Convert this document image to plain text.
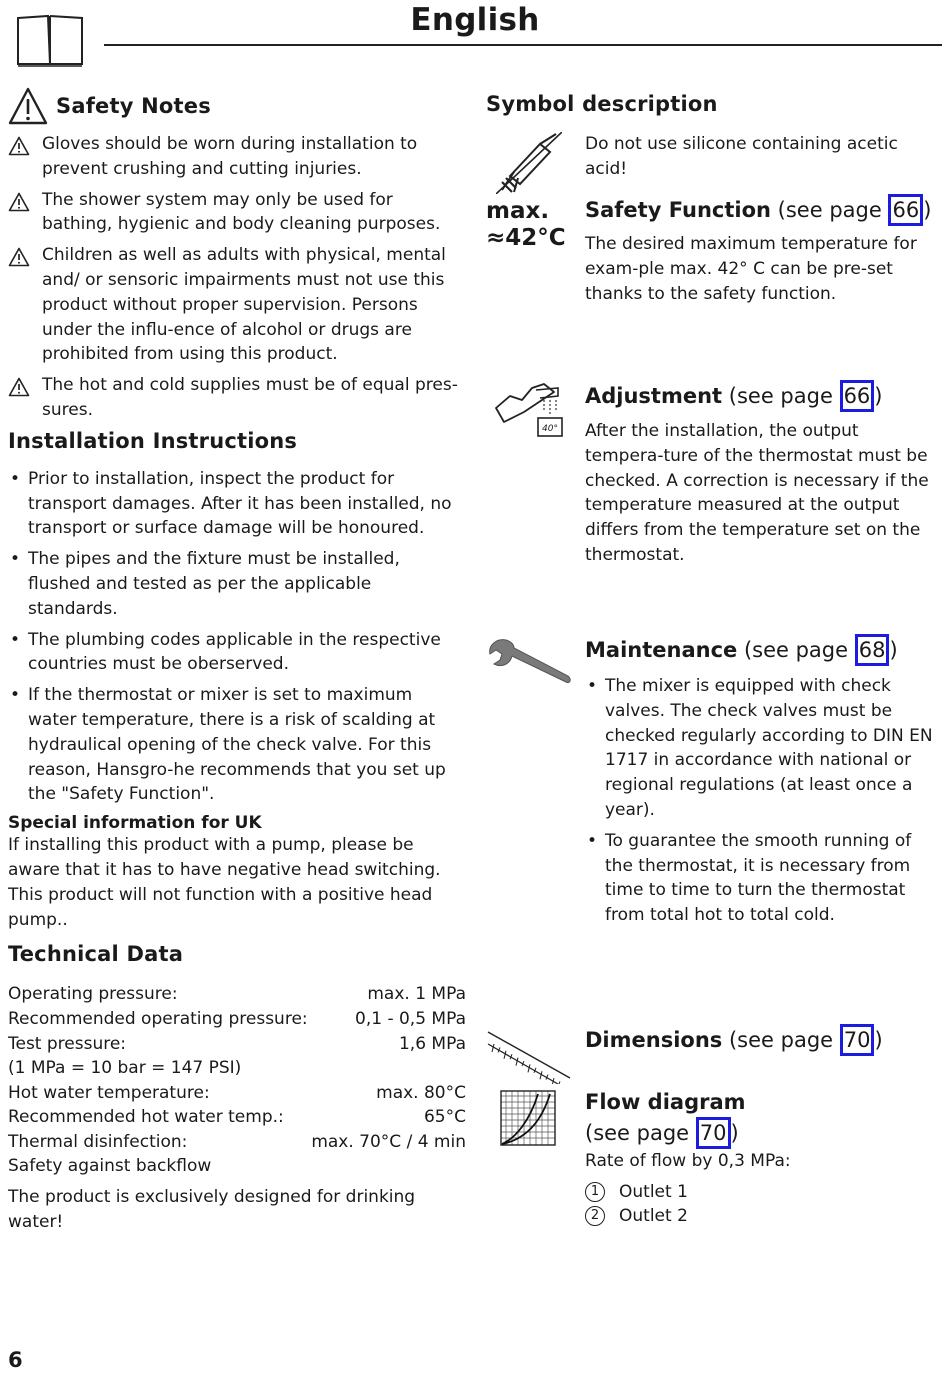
English
Safety Notes
Gloves should be worn during installation to prevent crushing and cutting injuries.
The shower system may only be used for bathing, hygienic and body cleaning purposes.
Children as well as adults with physical, mental and/ or sensoric impairments must not use this product without proper supervision. Persons under the influ-ence of alcohol or drugs are prohibited from using this product.
The hot and cold supplies must be of equal pres-sures.
Installation Instructions
• Prior to installation, inspect the product for transport damages. After it has been installed, no transport or surface damage will be honoured.
• The pipes and the fixture must be installed, flushed and tested as per the applicable standards.
• The plumbing codes applicable in the respective countries must be oberserved.
• If the thermostat or mixer is set to maximum water temperature, there is a risk of scalding at hydraulical opening of the check valve. For this reason, Hansgro-he recommends that you set up the "Safety Function".
Special information for UK
If installing this product with a pump, please be aware that it has to have negative head switching. This product will not function with a positive head pump..
Technical Data
Operating pressure:	max. 1 MPa
Recommended operating pressure:	0,1 - 0,5 MPa
Test pressure:	1,6 MPa
(1 MPa = 10 bar = 147 PSI)
Hot water temperature:	max. 80°C
Recommended hot water temp.:	65°C
Thermal disinfection:	max. 70°C / 4 min
Safety against backflow
The product is exclusively designed for drinking water!
Symbol description
Do not use silicone containing acetic acid!
max.
≈42°C
Safety Function (see page 66 )
The desired maximum temperature for exam-ple max. 42° C can be pre-set thanks to the safety function.
40°
Adjustment (see page 66 )
After the installation, the output tempera-ture of the thermostat must be checked. A correction is necessary if the temperature measured at the output differs from the temperature set on the thermostat.
Maintenance (see page 68 )
• The mixer is equipped with check valves. The check valves must be checked regularly according to DIN EN 1717 in accordance with national or regional regulations (at least once a year).
• To guarantee the smooth running of the thermostat, it is necessary from time to time to turn the thermostat from total hot to total cold.
Dimensions (see page 70 )
Flow diagram
(see page 70 )
Rate of flow by 0,3 MPa:
1	Outlet 1
2	Outlet 2
6
